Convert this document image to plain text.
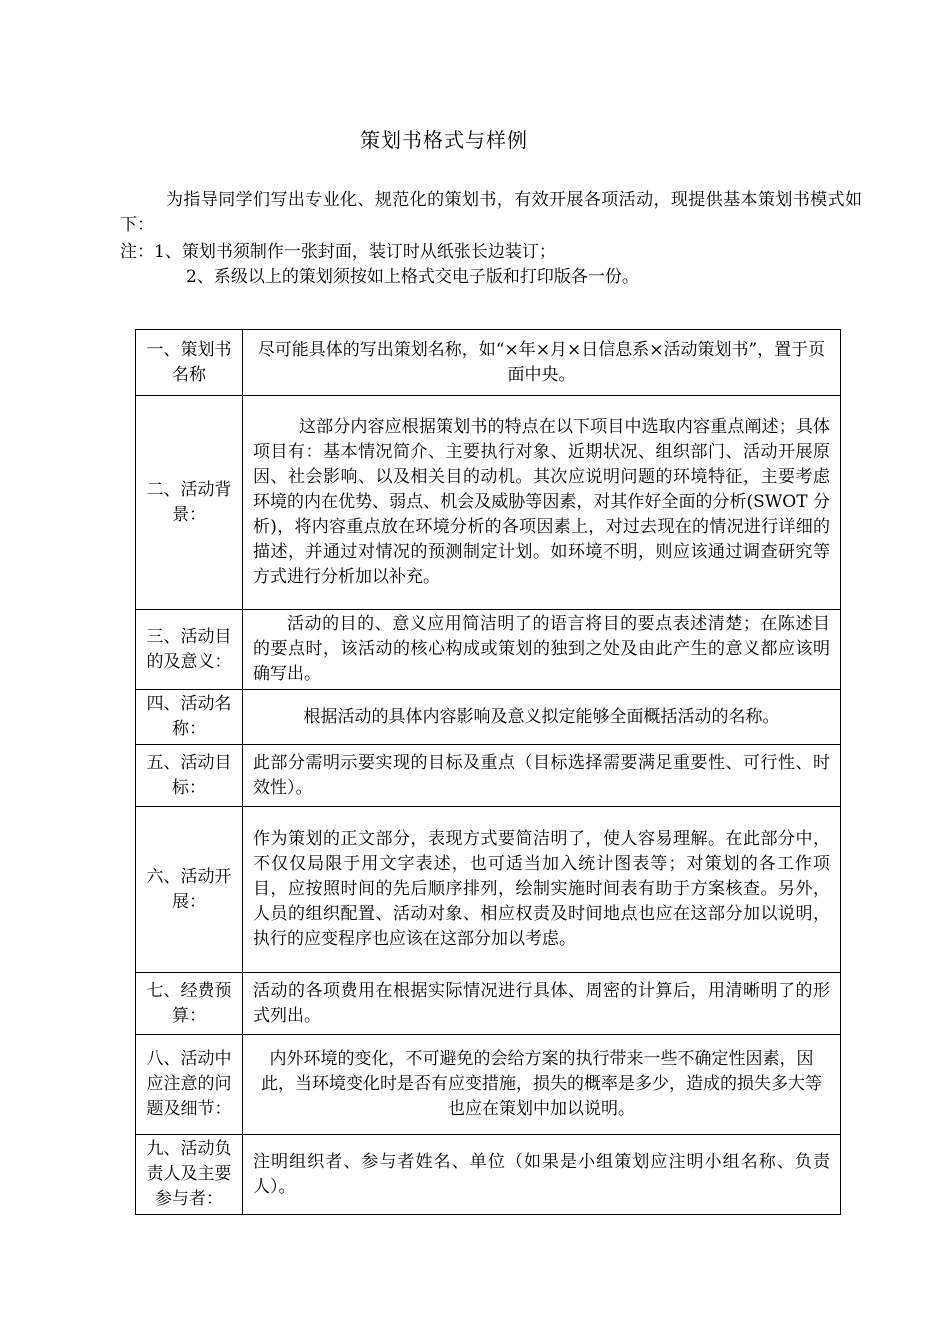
策划书格式与样例
为指导同学们写出专业化、规范化的策划书，有效开展各项活动，现提供基本策划书模式如下：
注：1、策划书须制作一张封面，装订时从纸张长边装订；
2、系级以上的策划须按如上格式交电子版和打印版各一份。
一、策划书名称	尽可能具体的写出策划名称，如“×年×月×日信息系×活动策划书”，置于页面中央。
二、活动背景：	这部分内容应根据策划书的特点在以下项目中选取内容重点阐述；具体项目有：基本情况简介、主要执行对象、近期状况、组织部门、活动开展原因、社会影响、以及相关目的动机。其次应说明问题的环境特征，主要考虑环境的内在优势、弱点、机会及威胁等因素，对其作好全面的分析(SWOT 分析)，将内容重点放在环境分析的各项因素上，对过去现在的情况进行详细的描述，并通过对情况的预测制定计划。如环境不明，则应该通过调查研究等方式进行分析加以补充。
三、活动目的及意义：	活动的目的、意义应用简洁明了的语言将目的要点表述清楚；在陈述目的要点时，该活动的核心构成或策划的独到之处及由此产生的意义都应该明确写出。
四、活动名称：	根据活动的具体内容影响及意义拟定能够全面概括活动的名称。
五、活动目标：	此部分需明示要实现的目标及重点（目标选择需要满足重要性、可行性、时效性）。
六、活动开展：	作为策划的正文部分，表现方式要简洁明了，使人容易理解。在此部分中，不仅仅局限于用文字表述，也可适当加入统计图表等；对策划的各工作项目，应按照时间的先后顺序排列，绘制实施时间表有助于方案核查。另外，人员的组织配置、活动对象、相应权责及时间地点也应在这部分加以说明，执行的应变程序也应该在这部分加以考虑。
七、经费预算：	活动的各项费用在根据实际情况进行具体、周密的计算后，用清晰明了的形式列出。
八、活动中应注意的问题及细节：	内外环境的变化，不可避免的会给方案的执行带来一些不确定性因素，因此，当环境变化时是否有应变措施，损失的概率是多少，造成的损失多大等也应在策划中加以说明。
九、活动负责人及主要参与者：	注明组织者、参与者姓名、单位（如果是小组策划应注明小组名称、负责人）。
